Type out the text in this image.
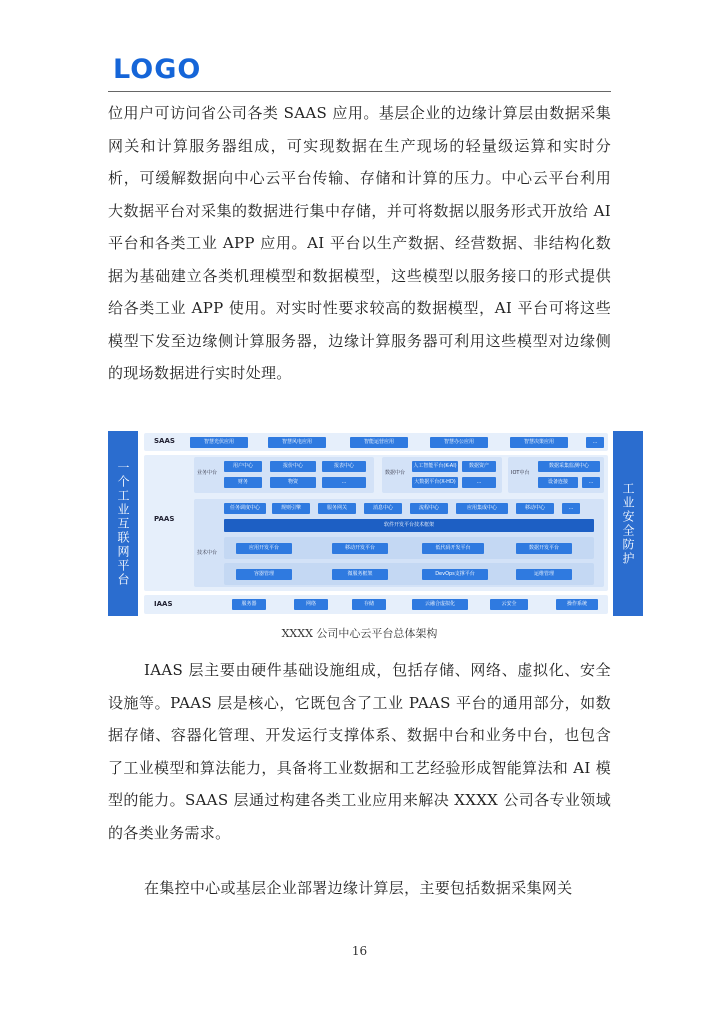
LOGO

位用户可访问省公司各类 SAAS 应用。基层企业的边缘计算层由数据采集网关和计算服务器组成，可实现数据在生产现场的轻量级运算和实时分析，可缓解数据向中心云平台传输、存储和计算的压力。中心云平台利用大数据平台对采集的数据进行集中存储，并可将数据以服务形式开放给 AI 平台和各类工业 APP 应用。AI 平台以生产数据、经营数据、非结构化数据为基础建立各类机理模型和数据模型，这些模型以服务接口的形式提供给各类工业 APP 使用。对实时性要求较高的数据模型，AI 平台可将这些模型下发至边缘侧计算服务器，边缘计算服务器可利用这些模型对边缘侧的现场数据进行实时处理。

一个工业互联网平台	工业安全防护
SAAS	智慧光伏应用	智慧风电应用	智能运营应用	智慧办公应用	智慧决策应用	...
PAAS
业务中台
用户中心	报价中心	报表中心
财务	物资	...
数据中台
人工智能平台(K-AI)	数据资产
大数据平台(X-HD)	...
IOT中台
数据采集监测中心
设备连接	...
技术中台
任务调度中心	规则引擎	服务网关	消息中心	流程中心	应用集成中心	移动中心	...
软件开发平台技术框架
应用开发平台	移动开发平台	低代码开发平台	数据开发平台
容器管理	微服务框架	DevOps支撑平台	运维管理
IAAS	服务器	网络	存储	云融合虚拟化	云安全	操作系统
XXXX 公司中心云平台总体架构

IAAS 层主要由硬件基础设施组成，包括存储、网络、虚拟化、安全设施等。PAAS 层是核心，它既包含了工业 PAAS 平台的通用部分，如数据存储、容器化管理、开发运行支撑体系、数据中台和业务中台，也包含了工业模型和算法能力，具备将工业数据和工艺经验形成智能算法和 AI 模型的能力。SAAS 层通过构建各类工业应用来解决 XXXX 公司各专业领域的各类业务需求。

在集控中心或基层企业部署边缘计算层，主要包括数据采集网关

16
